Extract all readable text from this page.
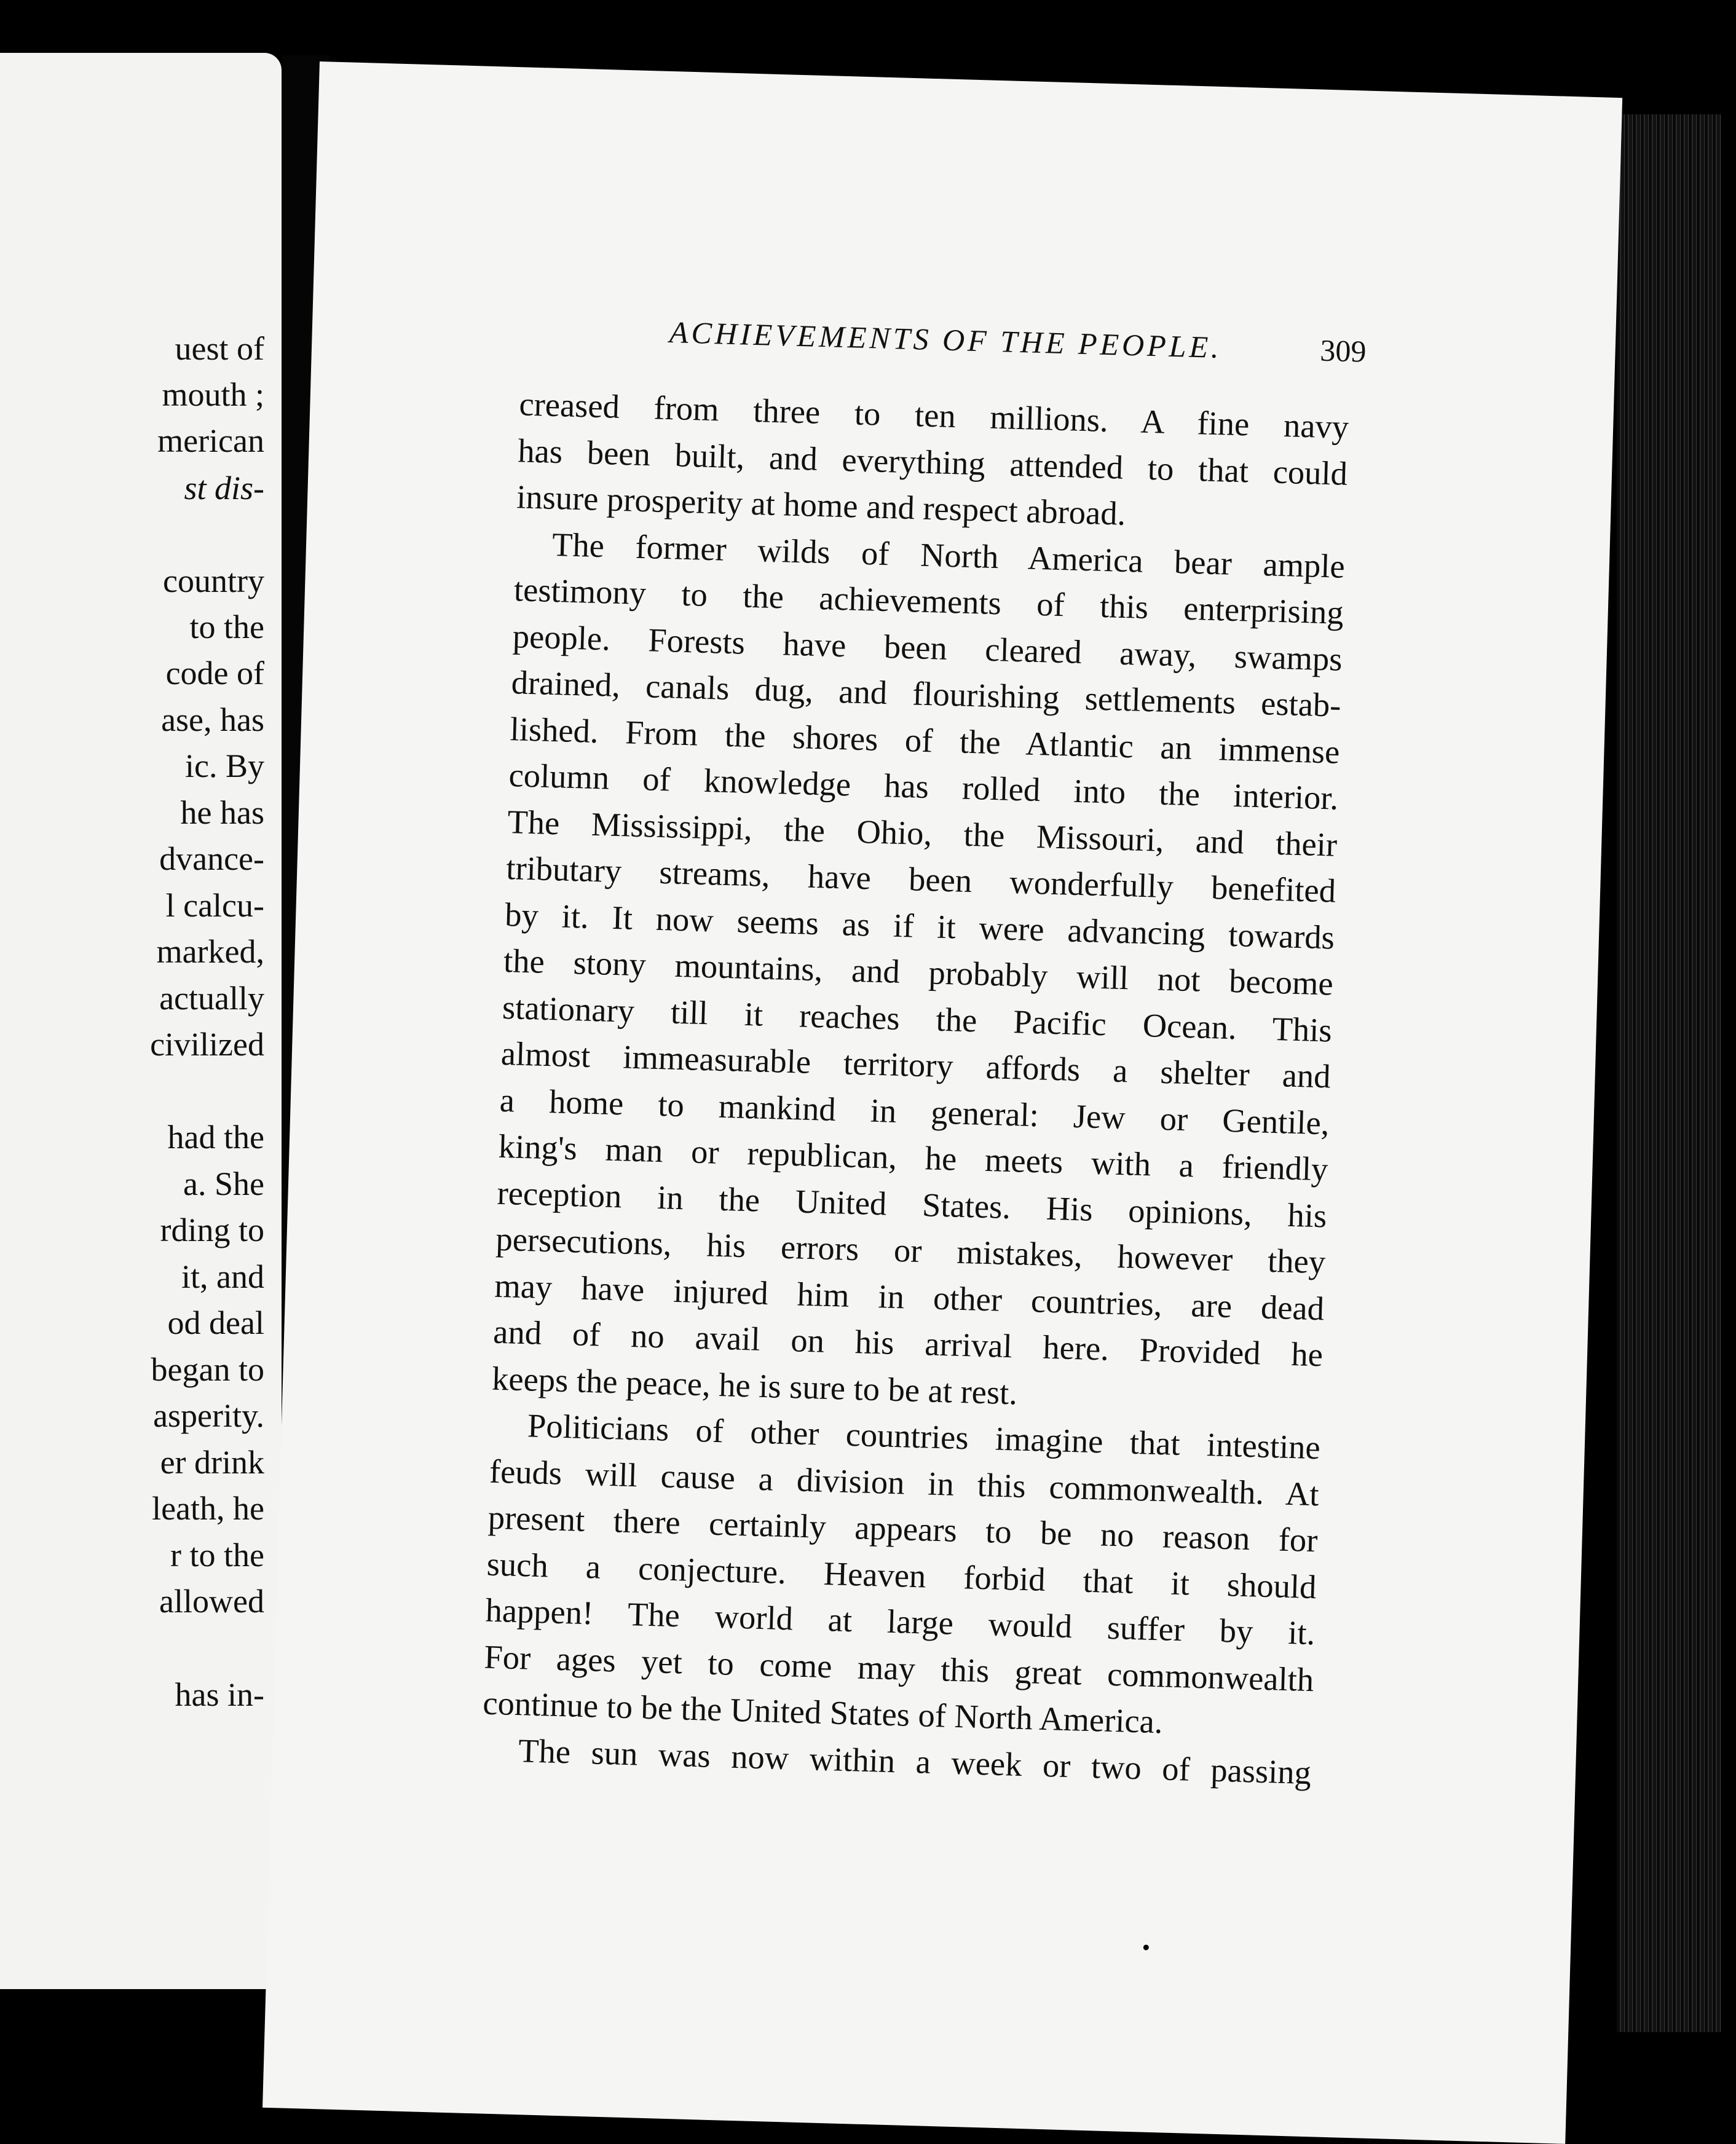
uest of
mouth ;
merican
st dis-
country
to the
code of
ase, has
ic. By
he has
dvance-
l calcu-
marked,
actually
civilized
had the
a. She
rding to
it, and
od deal
began to
asperity.
er drink
leath, he
r to the
allowed
has in-
ACHIEVEMENTS OF THE PEOPLE.	309

creased from three to ten millions. A fine navy

has been built, and everything attended to that could

insure prosperity at home and respect abroad.

The former wilds of North America bear ample

testimony to the achievements of this enterprising

people. Forests have been cleared away, swamps

drained, canals dug, and flourishing settlements estab-

lished. From the shores of the Atlantic an immense

column of knowledge has rolled into the interior.

The Mississippi, the Ohio, the Missouri, and their

tributary streams, have been wonderfully benefited

by it. It now seems as if it were advancing towards

the stony mountains, and probably will not become

stationary till it reaches the Pacific Ocean. This

almost immeasurable territory affords a shelter and

a home to mankind in general: Jew or Gentile,

king's man or republican, he meets with a friendly

reception in the United States. His opinions, his

persecutions, his errors or mistakes, however they

may have injured him in other countries, are dead

and of no avail on his arrival here. Provided he

keeps the peace, he is sure to be at rest.

Politicians of other countries imagine that intestine

feuds will cause a division in this commonwealth. At

present there certainly appears to be no reason for

such a conjecture. Heaven forbid that it should

happen! The world at large would suffer by it.

For ages yet to come may this great commonwealth

continue to be the United States of North America.

The sun was now within a week or two of passing
